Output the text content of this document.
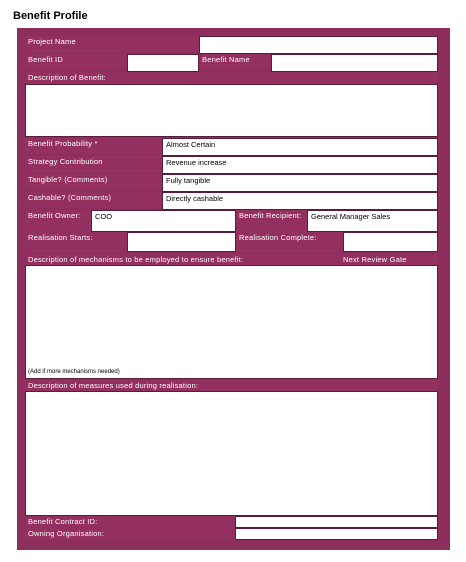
Benefit Profile
Project Name
Benefit ID	Benefit Name
Description of Benefit:
Benefit Probability *	Almost Certain
Strategy Contribution	Revenue increase
Tangible? (Comments)	Fully tangible
Cashable? (Comments)	Directly cashable
Benefit Owner:	COO	Benefit Recipient:	General Manager Sales
Realisation Starts:	Realisation Complete:
Description of mechanisms to be employed to ensure benefit:	Next Review Gate
(Add if more mechanisms needed)
Description of measures used during realisation:
Benefit Contract ID:
Owning Organisation:
